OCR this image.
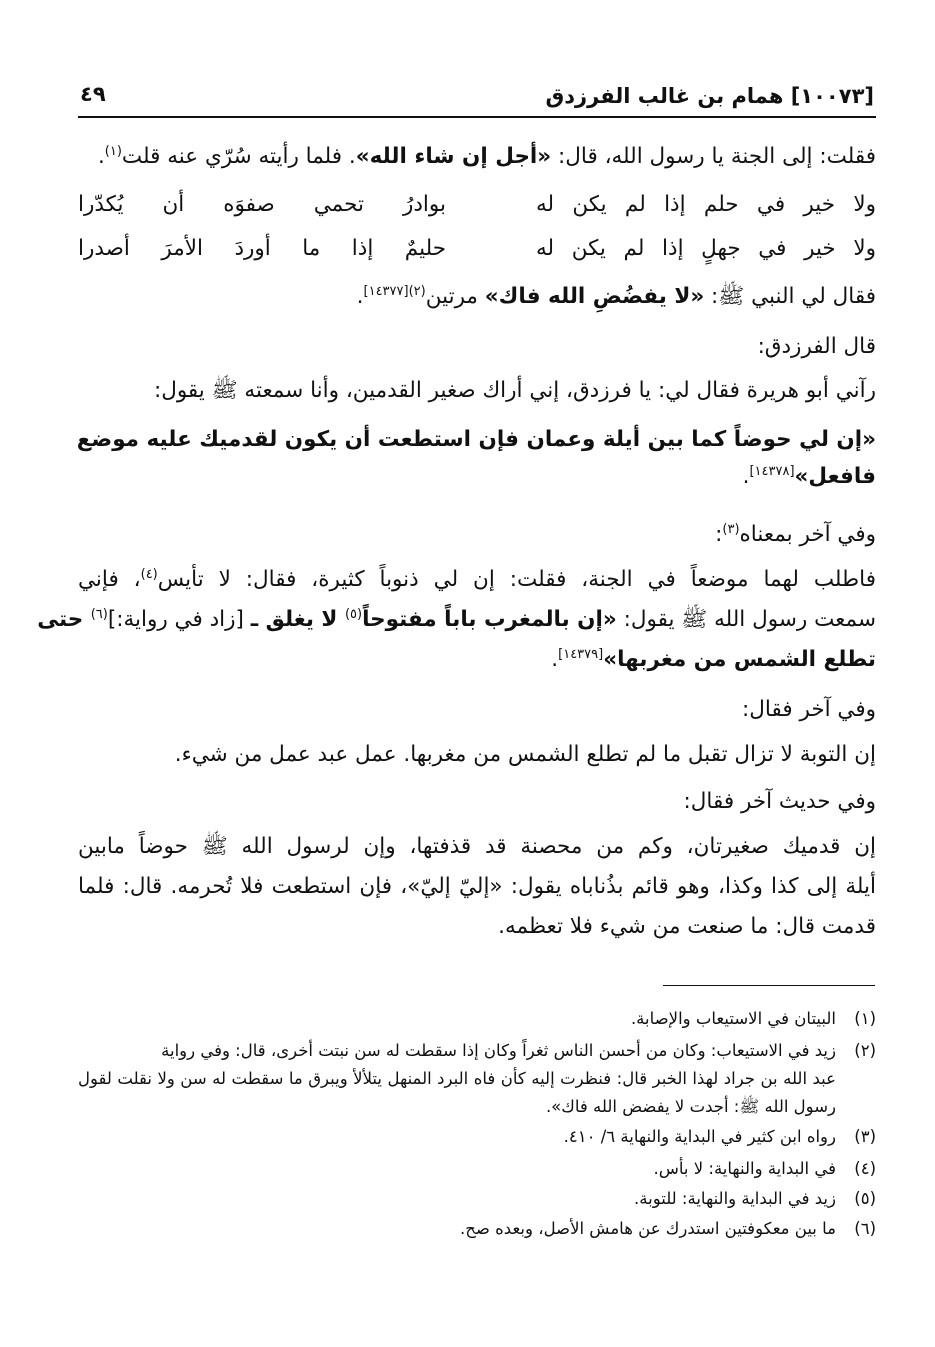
[١٠٠٧٣] همام بن غالب الفرزدق
٤٩
فقلت: إلى الجنة يا رسول الله، قال: «أجل إن شاء الله». فلما رأيته سُرّي عنه قلت$^{(١)}$.
قال الفرزدق:
رآني أبو هريرة فقال لي: يا فرزدق، إني أراك صغير القدمين، وأنا سمعته ﷺ يقول:
«إن لي حوضاً كما بين أيلة وعمان فإن استطعت أن يكون لقدميك عليه موضع
فافعل»[١٤٣٧٨].
وفي آخر بمعناه$^{(٣)}$:
فاطلب لهما موضعاً في الجنة، فقلت: إن لي ذنوباً كثيرة، فقال: لا تأيس$^{(٤)}$، فإني
سمعت رسول الله ﷺ يقول: «إن بالمغرب باباً مفتوحاً$^{(٥)}$ لا يغلق ـ [زاد في رواية:]$^{(٦)}$ حتى
تطلع الشمس من مغربها»[١٤٣٧٩].
وفي آخر فقال:
إن التوبة لا تزال تقبل ما لم تطلع الشمس من مغربها. عمل عبد عمل من شيء.
وفي حديث آخر فقال:
إن قدميك صغيرتان، وكم من محصنة قد قذفتها، وإن لرسول الله ﷺ حوضاً مابين
أيلة إلى كذا وكذا، وهو قائم بذُناباه يقول: «إليّ إليّ»، فإن استطعت فلا تُحرمه. قال: فلما
قدمت قال: ما صنعت من شيء فلا تعظمه.
ولا خير في حلم إذا لم يكن له
بوادرُ تحمي صفوَه أن يُكدّرا
ولا خير في جهلٍ إذا لم يكن له
حليمٌ إذا ما أوردَ الأمرَ أصدرا
فقال لي النبي ﷺ: «لا يفضُضِ الله فاك» مرتين$^{(٢)[١٤٣٧٧]}$.
(١)
البيتان في الاستيعاب والإصابة.
(٢)
زيد في الاستيعاب: وكان من أحسن الناس ثغراً وكان إذا سقطت له سن نبتت أخرى، قال: وفي رواية
عبد الله بن جراد لهذا الخبر قال: فنظرت إليه كأن فاه البرد المنهل يتلألأ ويبرق ما سقطت له سن ولا نقلت لقول
رسول الله ﷺ: أجدت لا يفضض الله فاك».
(٣)
رواه ابن كثير في البداية والنهاية ٦/ ٤١٠.
(٤)
في البداية والنهاية: لا بأس.
(٥)
زيد في البداية والنهاية: للتوبة.
(٦)
ما بين معكوفتين استدرك عن هامش الأصل، وبعده صح.
